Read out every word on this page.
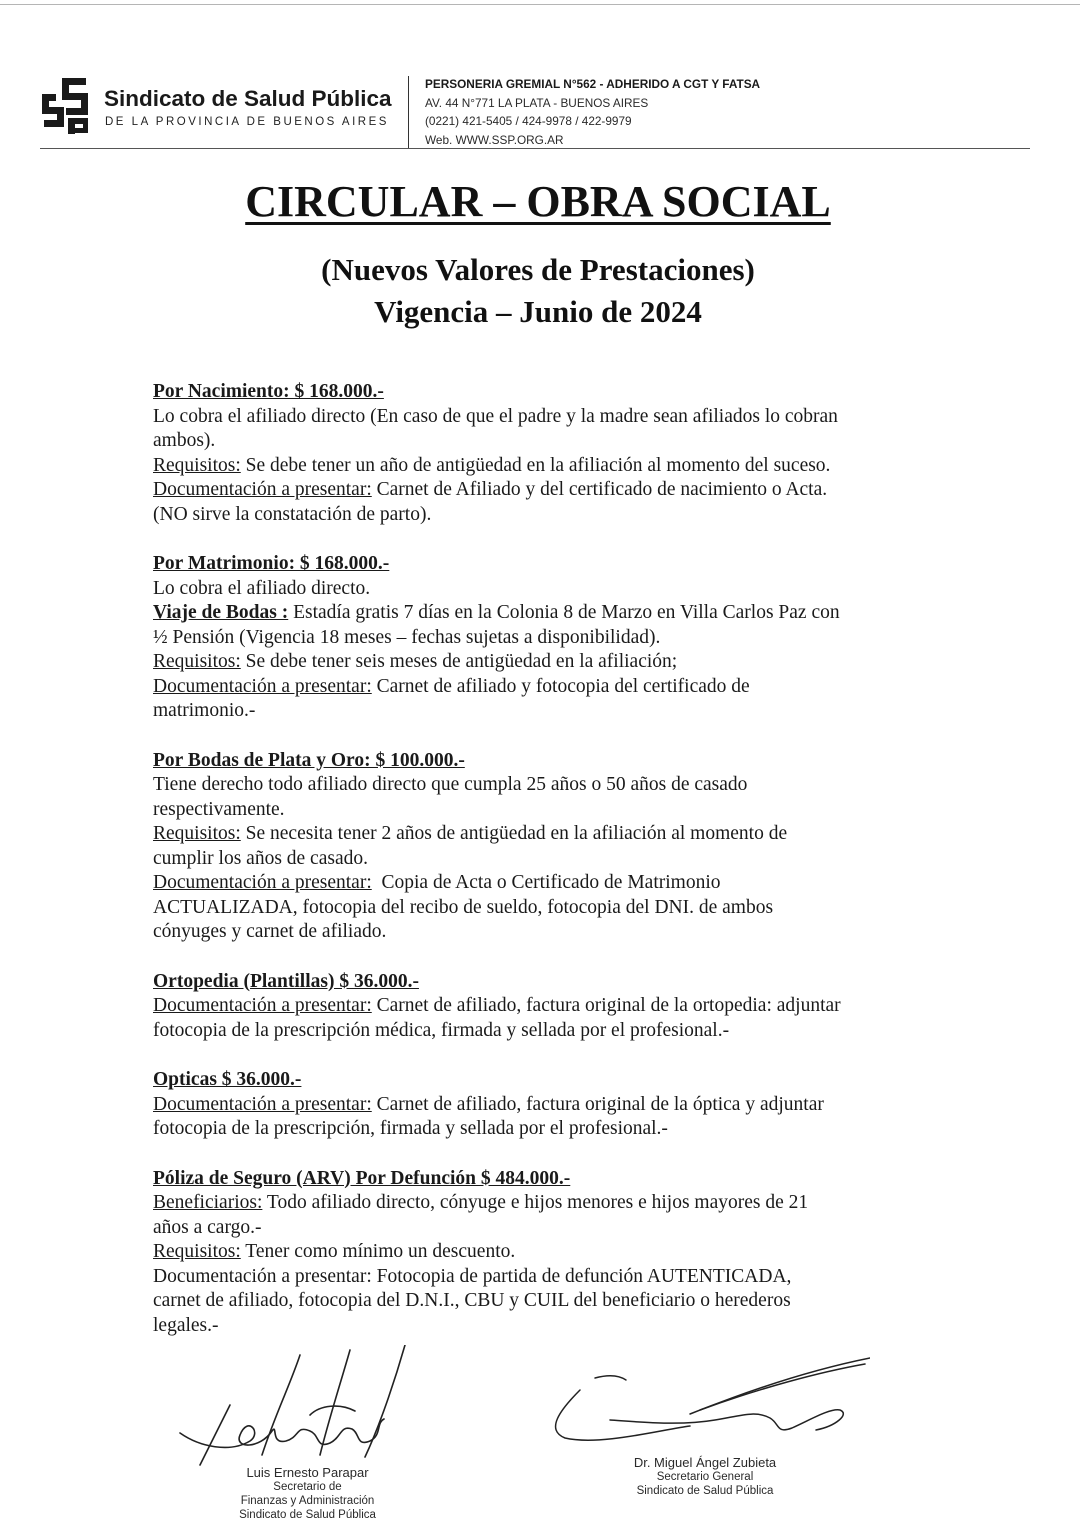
Sindicato de Salud Pública
DE LA PROVINCIA DE BUENOS AIRES
PERSONERIA GREMIAL N°562 - ADHERIDO A CGT Y FATSA
AV. 44 N°771 LA PLATA - BUENOS AIRES
(0221) 421-5405 / 424-9978 / 422-9979
Web. WWW.SSP.ORG.AR
CIRCULAR – OBRA SOCIAL
(Nuevos Valores de Prestaciones)
Vigencia – Junio de 2024

Por Nacimiento: $ 168.000.-

Lo cobra el afiliado directo (En caso de que el padre y la madre sean afiliados lo cobran

ambos).

Requisitos: Se debe tener un año de antigüedad en la afiliación al momento del suceso.

Documentación a presentar: Carnet de Afiliado y del certificado de nacimiento o Acta.

(NO sirve la constatación de parto).

Por Matrimonio: $ 168.000.-

Lo cobra el afiliado directo.

Viaje de Bodas : Estadía gratis 7 días en la Colonia 8 de Marzo en Villa Carlos Paz con

½ Pensión (Vigencia 18 meses – fechas sujetas a disponibilidad).

Requisitos: Se debe tener seis meses de antigüedad en la afiliación;

Documentación a presentar: Carnet de afiliado y fotocopia del certificado de

matrimonio.-

Por Bodas de Plata y Oro: $ 100.000.-

Tiene derecho todo afiliado directo que cumpla 25 años o 50 años de casado

respectivamente.

Requisitos: Se necesita tener 2 años de antigüedad en la afiliación al momento de

cumplir los años de casado.

Documentación a presentar:  Copia de Acta o Certificado de Matrimonio

ACTUALIZADA, fotocopia del recibo de sueldo, fotocopia del DNI. de ambos

cónyuges y carnet de afiliado.

Ortopedia (Plantillas) $ 36.000.-

Documentación a presentar: Carnet de afiliado, factura original de la ortopedia: adjuntar

fotocopia de la prescripción médica, firmada y sellada por el profesional.-

Opticas $ 36.000.-

Documentación a presentar: Carnet de afiliado, factura original de la óptica y adjuntar

fotocopia de la prescripción, firmada y sellada por el profesional.-

Póliza de Seguro (ARV) Por Defunción $ 484.000.-

Beneficiarios: Todo afiliado directo, cónyuge e hijos menores e hijos mayores de 21

años a cargo.-

Requisitos: Tener como mínimo un descuento.

Documentación a presentar: Fotocopia de partida de defunción AUTENTICADA,

carnet de afiliado, fotocopia del D.N.I., CBU y CUIL del beneficiario o herederos

legales.-

Luis Ernesto Parapar
Secretario de
Finanzas y Administración
Sindicato de Salud Pública
Dr. Miguel Ángel Zubieta
Secretario General
Sindicato de Salud Pública
